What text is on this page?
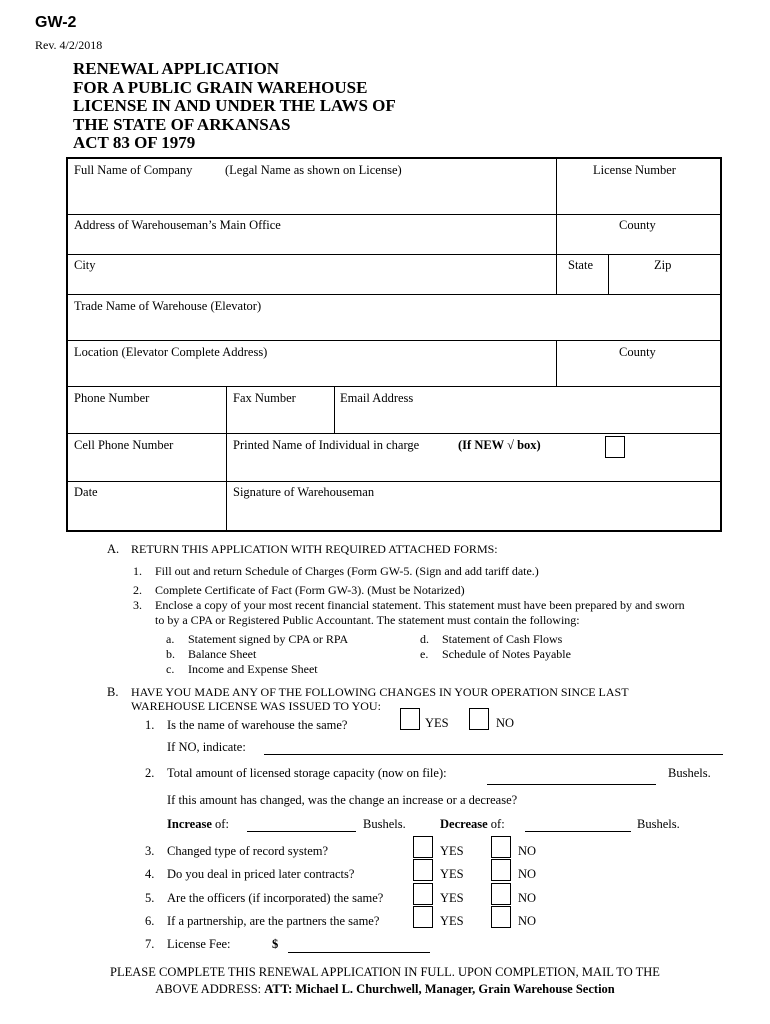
GW-2
Rev. 4/2/2018
RENEWAL APPLICATION
FOR A PUBLIC GRAIN WAREHOUSE
LICENSE IN AND UNDER THE LAWS OF
THE STATE OF ARKANSAS
ACT 83 OF 1979
Full Name of Company	(Legal Name as shown on License)	License Number
Address of Warehouseman’s Main Office	County
City	State	Zip
Trade Name of Warehouse (Elevator)
Location (Elevator Complete Address)	County
Phone Number	Fax Number	Email Address
Cell Phone Number	Printed Name of Individual in charge	(If NEW √ box)
Date	Signature of Warehouseman
A. RETURN THIS APPLICATION WITH REQUIRED ATTACHED FORMS:
1. Fill out and return Schedule of Charges (Form GW-5. (Sign and add tariff date.)
2. Complete Certificate of Fact (Form GW-3). (Must be Notarized)
3. Enclose a copy of your most recent financial statement. This statement must have been prepared by and sworn
to by a CPA or Registered Public Accountant. The statement must contain the following:
a. Statement signed by CPA or RPA
b. Balance Sheet
c. Income and Expense Sheet
d. Statement of Cash Flows
e. Schedule of Notes Payable
B. HAVE YOU MADE ANY OF THE FOLLOWING CHANGES IN YOUR OPERATION SINCE LAST
WAREHOUSE LICENSE WAS ISSUED TO YOU:
1. Is the name of warehouse the same?	YES	NO
If NO, indicate:
2. Total amount of licensed storage capacity (now on file):	Bushels.
If this amount has changed, was the change an increase or a decrease?
Increase of:	Bushels.	Decrease of:	Bushels.
3. Changed type of record system?	YES	NO
4. Do you deal in priced later contracts?	YES	NO
5. Are the officers (if incorporated) the same?	YES	NO
6. If a partnership, are the partners the same?	YES	NO
7. License Fee:	$
PLEASE COMPLETE THIS RENEWAL APPLICATION IN FULL. UPON COMPLETION, MAIL TO THE
ABOVE ADDRESS: ATT: Michael L. Churchwell, Manager, Grain Warehouse Section
